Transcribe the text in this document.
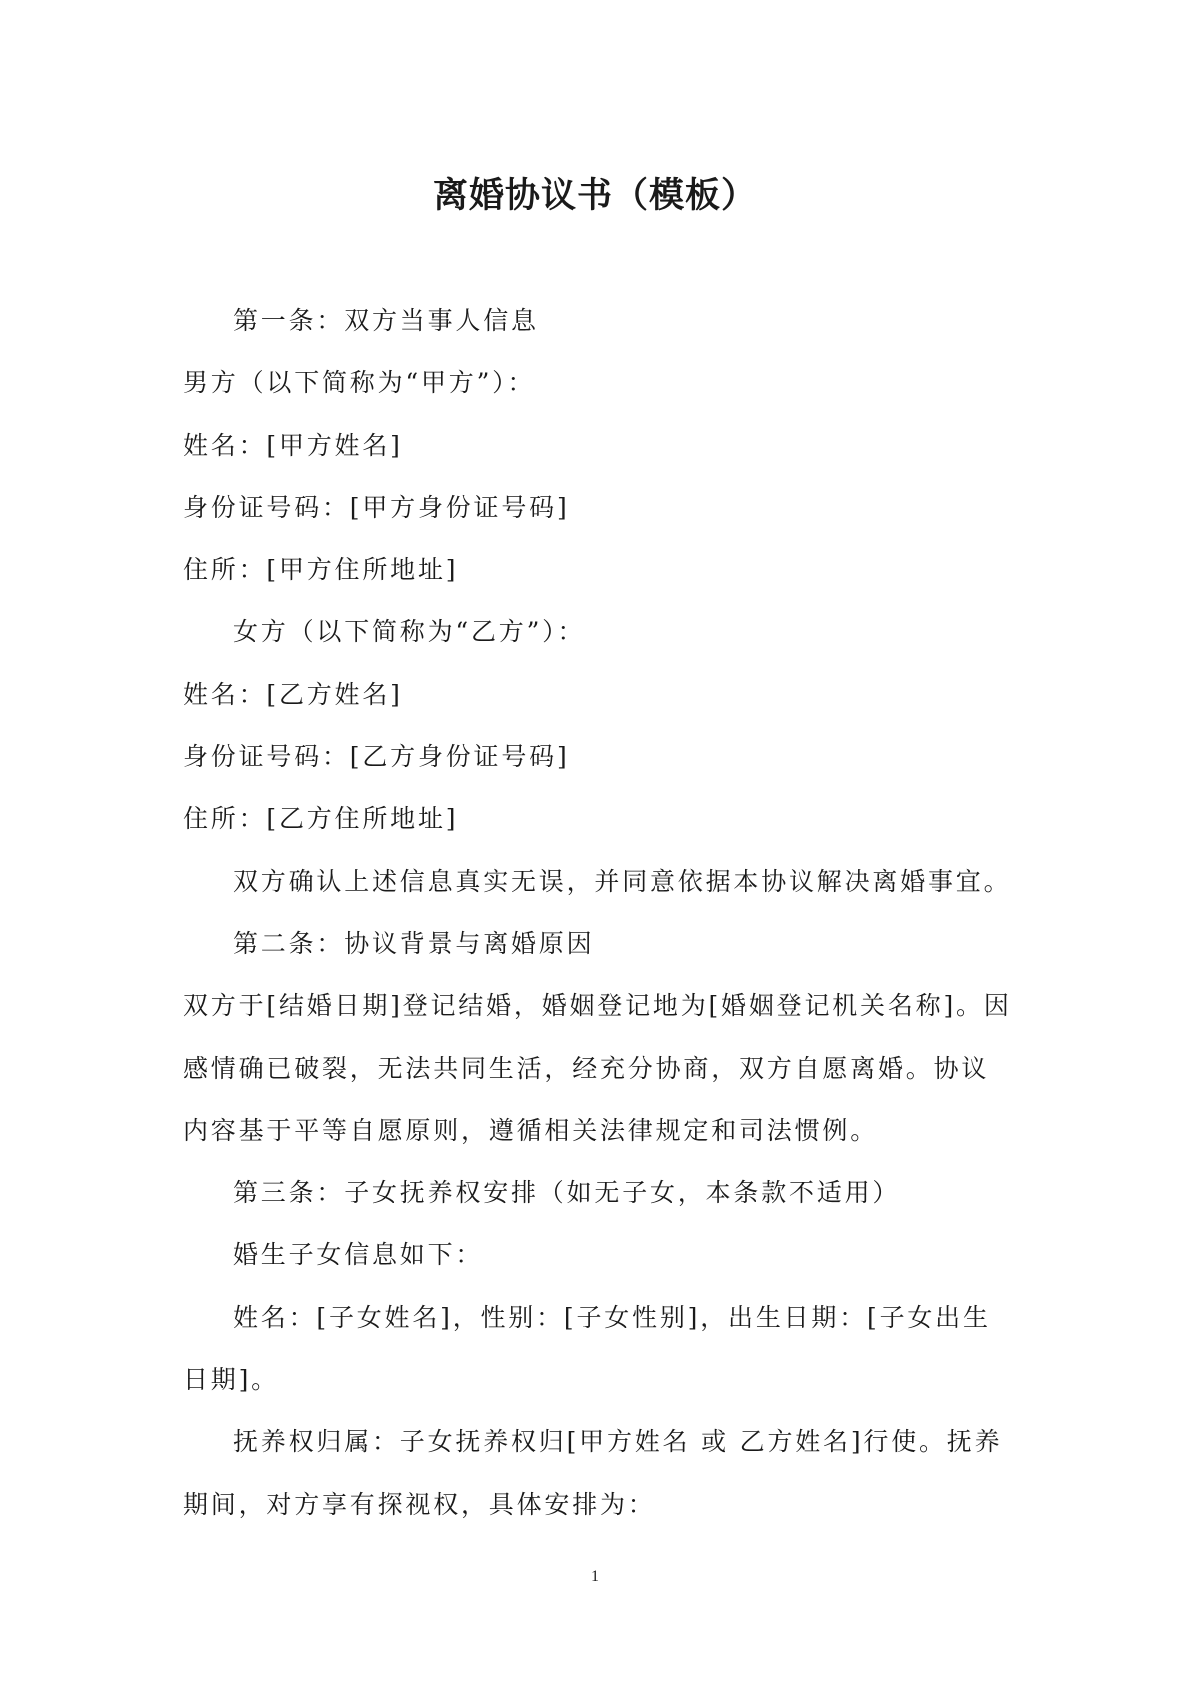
离婚协议书（模板）

第一条：双方当事人信息

男方（以下简称为“甲方”）：

姓名：[甲方姓名]

身份证号码：[甲方身份证号码]

住所：[甲方住所地址]

女方（以下简称为“乙方”）：

姓名：[乙方姓名]

身份证号码：[乙方身份证号码]

住所：[乙方住所地址]

双方确认上述信息真实无误，并同意依据本协议解决离婚事宜。

第二条：协议背景与离婚原因

双方于[结婚日期]登记结婚，婚姻登记地为[婚姻登记机关名称]。因感情确已破裂，无法共同生活，经充分协商，双方自愿离婚。协议内容基于平等自愿原则，遵循相关法律规定和司法惯例。

第三条：子女抚养权安排（如无子女，本条款不适用）

婚生子女信息如下：

姓名：[子女姓名]，性别：[子女性别]，出生日期：[子女出生日期]。

抚养权归属：子女抚养权归[甲方姓名 或 乙方姓名]行使。抚养期间，对方享有探视权，具体安排为：

1
